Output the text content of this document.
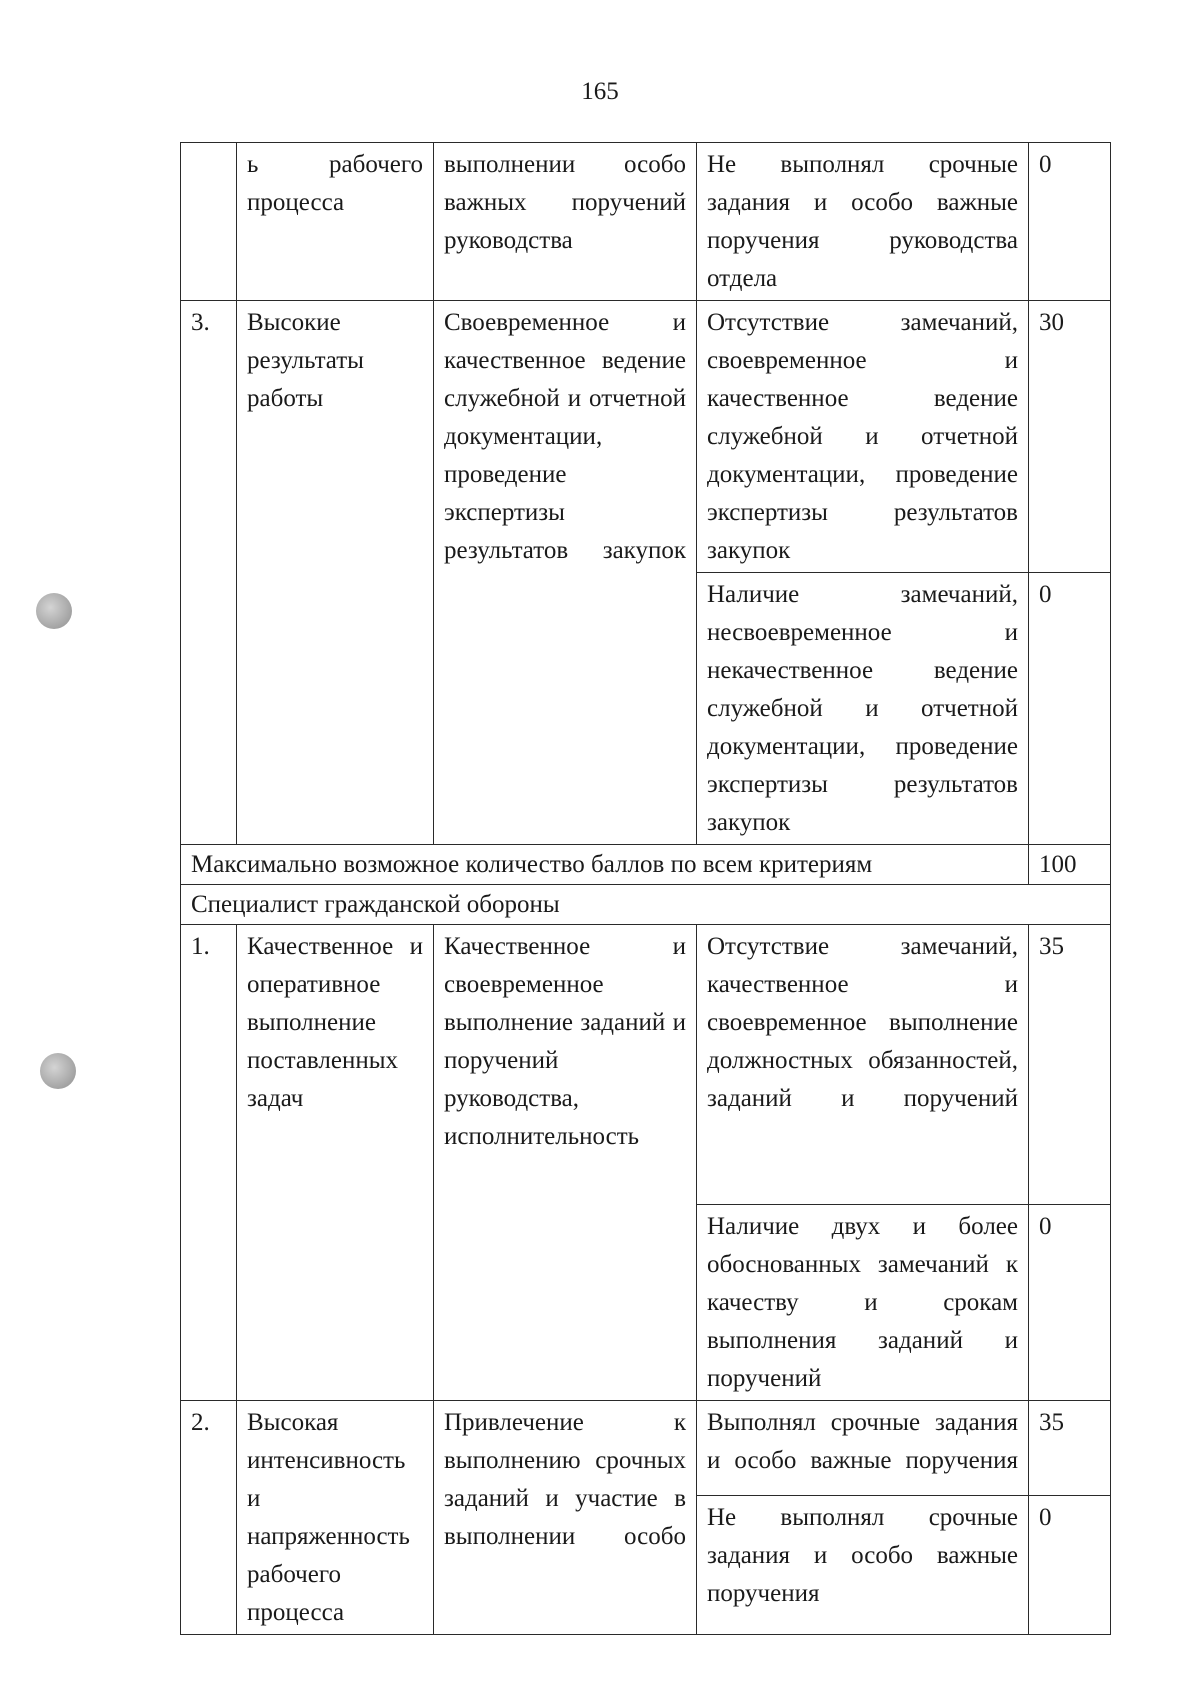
165
	ь рабочего процесса	выполнении особо важных поручений руководства	Не выполнял срочные задания и особо важные поручения руководства отдела	0
3.	Высокие результаты работы	Своевременное и качественное ведение служебной и отчетной документации, проведение экспертизы результатов закупок	Отсутствие замечаний, своевременное и качественное ведение служебной и отчетной документации, проведение экспертизы результатов закупок	30
			Наличие замечаний, несвоевременное и некачественное ведение служебной и отчетной документации, проведение экспертизы результатов закупок	0
Максимально возможное количество баллов по всем критериям				100
Специалист гражданской обороны				
1.	Качественное и оперативное выполнение поставленных задач	Качественное и своевременное выполнение заданий и поручений руководства, исполнительность	Отсутствие замечаний, качественное и своевременное выполнение должностных обязанностей, заданий и поручений	35
			Наличие двух и более обоснованных замечаний к качеству и срокам выполнения заданий и поручений	0
2.	Высокая интенсивность и напряженность рабочего процесса	Привлечение к выполнению срочных заданий и участие в выполнении особо	Выполнял срочные задания и особо важные поручения	35
			Не выполнял срочные задания и особо важные поручения	0
